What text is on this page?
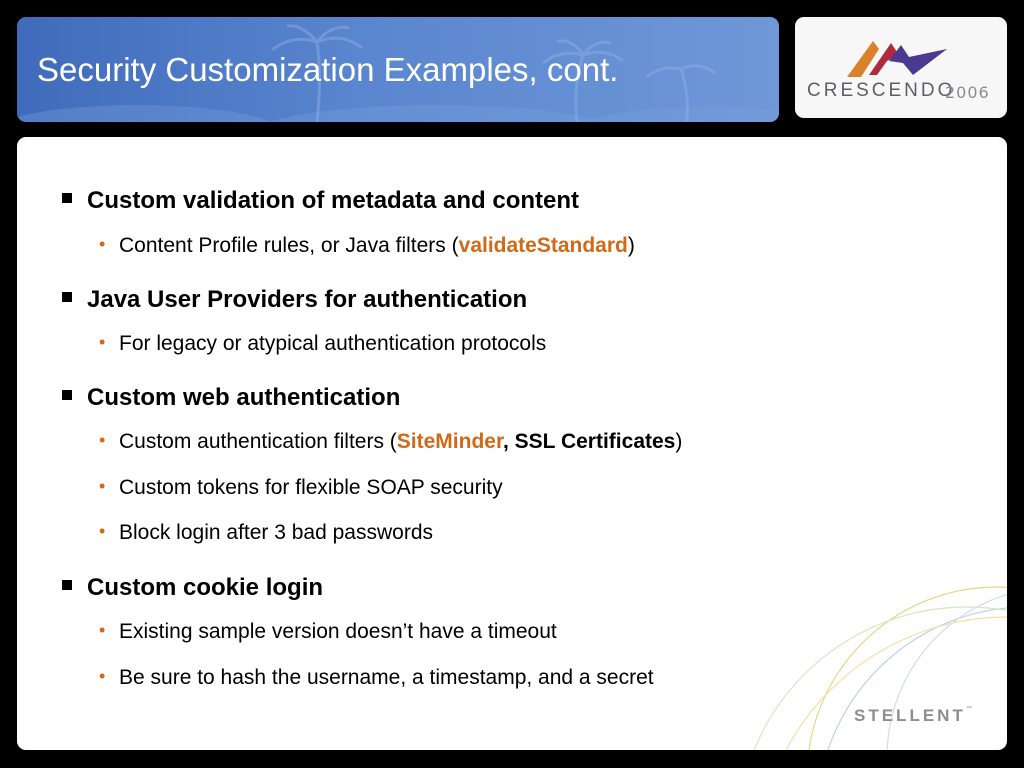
Security Customization Examples, cont.
CRESCENDO
2006
Custom validation of metadata and content
• Content Profile rules, or Java filters (validateStandard)
Java User Providers for authentication
• For legacy or atypical authentication protocols
Custom web authentication
• Custom authentication filters (SiteMinder, SSL Certificates)
• Custom tokens for flexible SOAP security
• Block login after 3 bad passwords
Custom cookie login
• Existing sample version doesn’t have a timeout
• Be sure to hash the username, a timestamp, and a secret
STELLENT™
